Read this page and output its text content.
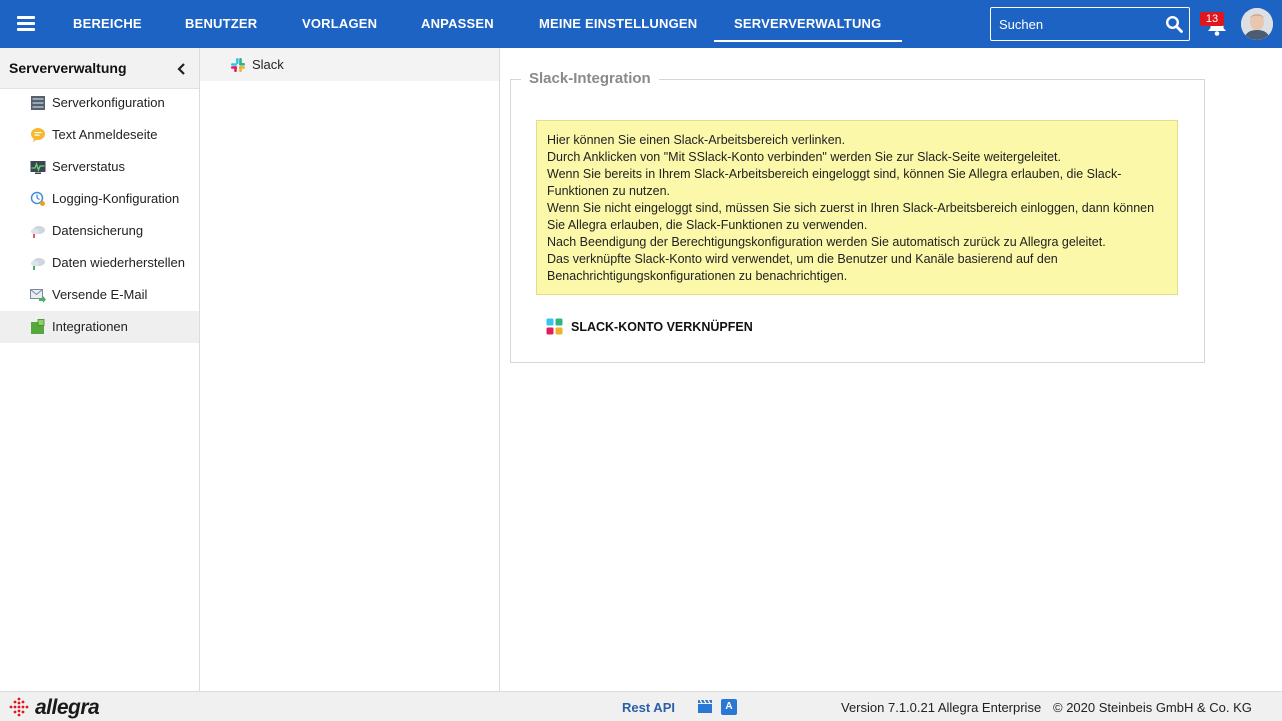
BEREICHE	BENUTZER	VORLAGEN	ANPASSEN	MEINE EINSTELLUNGEN	SERVERVERWALTUNG
Suchen	13
Serververwaltung
Serverkonfiguration
Text Anmeldeseite
Serverstatus
Logging-Konfiguration
Datensicherung
Daten wiederherstellen
Versende E-Mail
Integrationen
Slack
Slack-Integration

Hier können Sie einen Slack-Arbeitsbereich verlinken.

Durch Anklicken von "Mit SSlack-Konto verbinden" werden Sie zur Slack-Seite weitergeleitet.

Wenn Sie bereits in Ihrem Slack-Arbeitsbereich eingeloggt sind, können Sie Allegra erlauben, die Slack-Funktionen zu nutzen.

Wenn Sie nicht eingeloggt sind, müssen Sie sich zuerst in Ihren Slack-Arbeitsbereich einloggen, dann können Sie Allegra erlauben, die Slack-Funktionen zu verwenden.

Nach Beendigung der Berechtigungskonfiguration werden Sie automatisch zurück zu Allegra geleitet.

Das verknüpfte Slack-Konto wird verwendet, um die Benutzer und Kanäle basierend auf den Benachrichtigungskonfigurationen zu benachrichtigen.

SLACK-KONTO VERKNÜPFEN
allegra	Rest API	A	Version 7.1.0.21 Allegra Enterprise © 2020 Steinbeis GmbH & Co. KG
